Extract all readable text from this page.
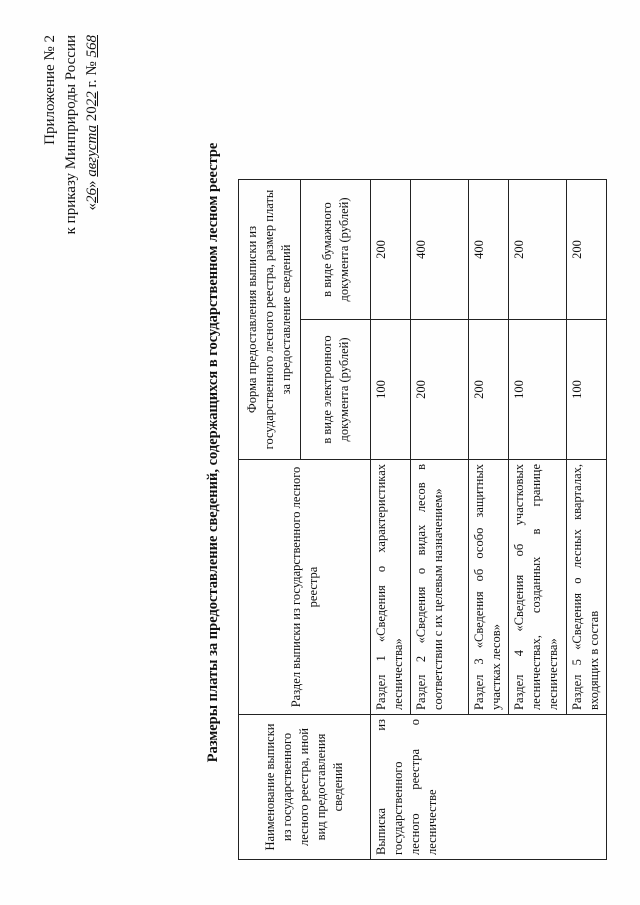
Приложение № 2 к приказу Минприроды России «26» августа 2022 г. № 568
Размеры платы за предоставление сведений, содержащихся в государственном лесном реестре
Наименование выписки из государственного лесного реестра, иной вид предоставления сведений	Раздел выписки из государственного лесного реестра	Форма предоставления выписки из государственного лесного реестра, размер платы за предоставление сведений	
		в виде электронного документа (рублей)	в виде бумажного документа (рублей)
Выписка из государственного лесного реестра о лесничестве	Раздел 1 «Сведения о характеристиках лесничества»	100	200
	Раздел 2 «Сведения о видах лесов в соответствии с их целевым назначением»	200	400
	Раздел 3 «Сведения об особо защитных участках лесов»	200	400
	Раздел 4 «Сведения об участковых лесничествах, созданных в границе лесничества»	100	200
	Раздел 5 «Сведения о лесных кварталах, входящих в состав	100	200
